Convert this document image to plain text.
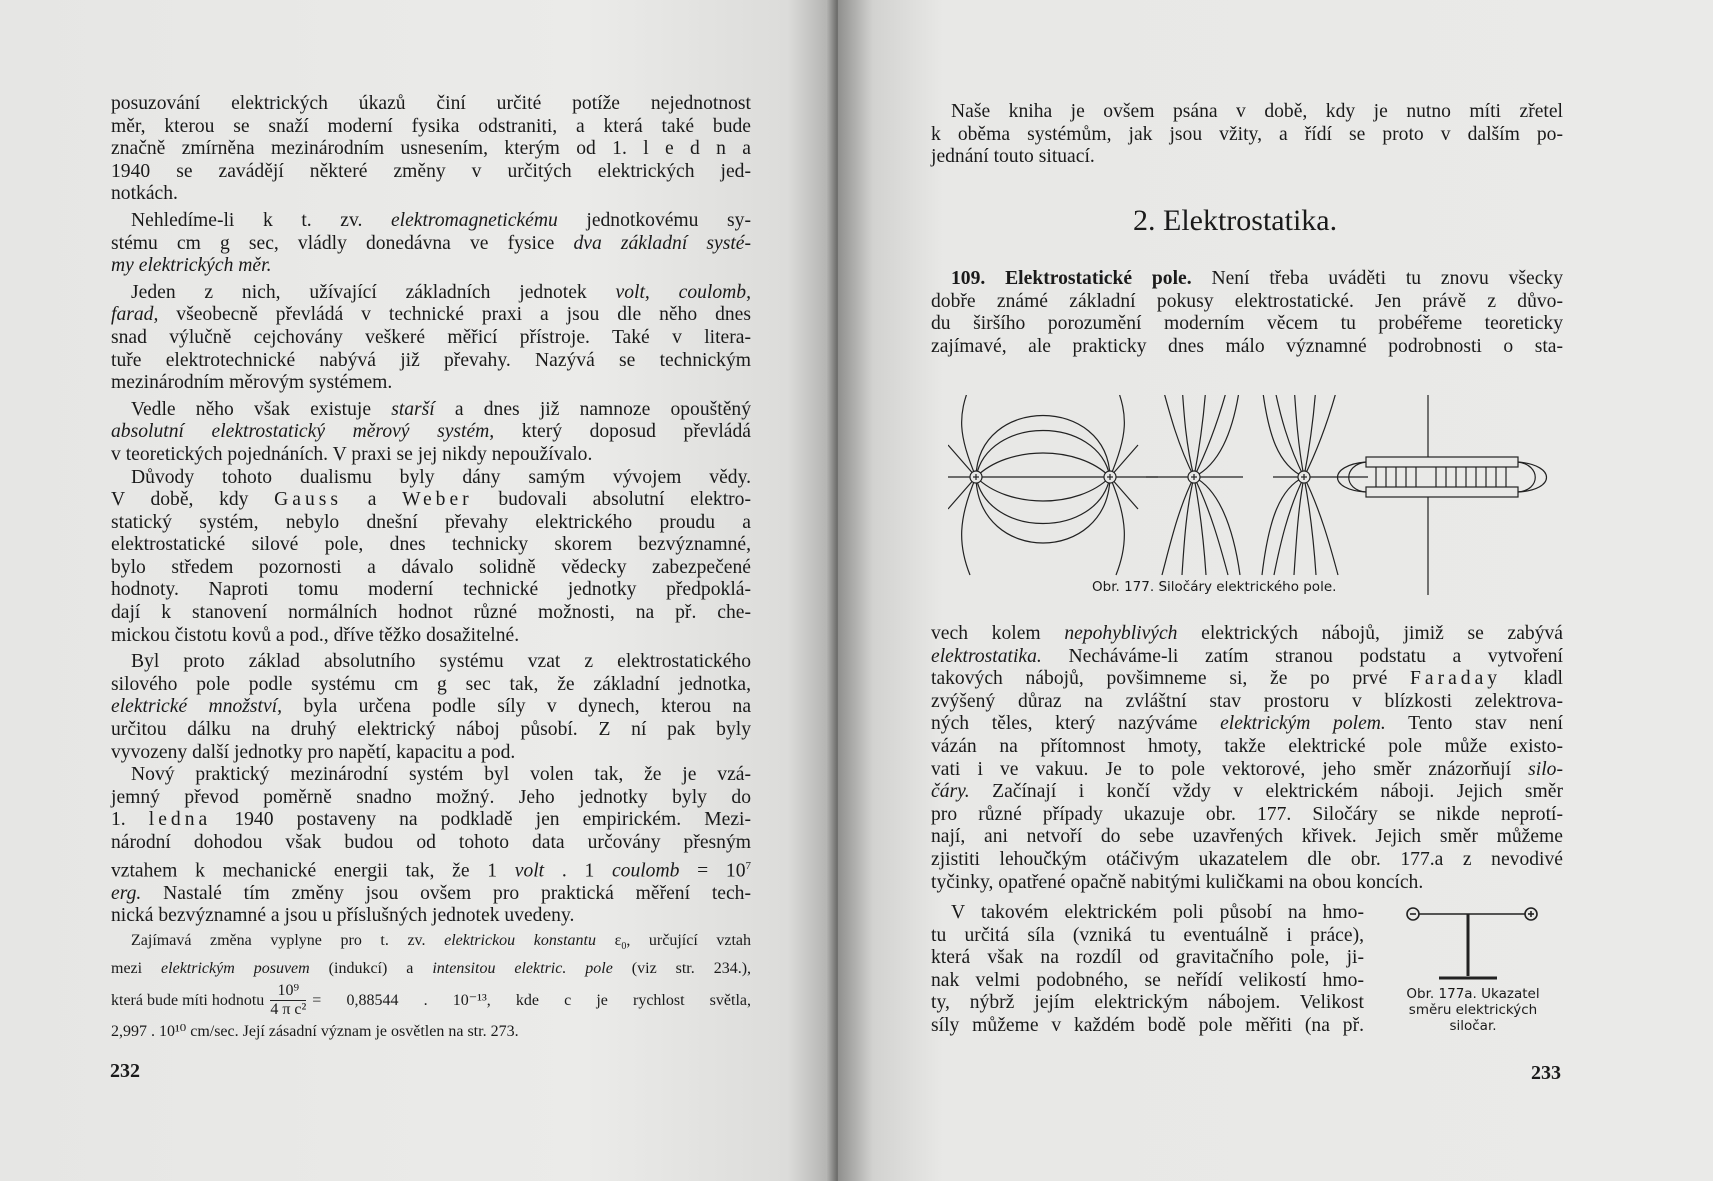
posuzování elektrických úkazů činí určité potíže nejednotnost
měr, kterou se snaží moderní fysika odstraniti, a která také bude
značně zmírněna mezinárodním usnesením, kterým od 1. l e d n a
1940 se zavádějí některé změny v určitých elektrických jed-
notkách.
Nehledíme-li k t. zv. elektromagnetickému jednotkovému sy-
stému cm g sec, vládly donedávna ve fysice dva základní systé-
my elektrických měr.
Jeden z nich, užívající základních jednotek volt, coulomb,
farad, všeobecně převládá v technické praxi a jsou dle něho dnes
snad výlučně cejchovány veškeré měřicí přístroje. Také v litera-
tuře elektrotechnické nabývá již převahy. Nazývá se technickým
mezinárodním měrovým systémem.
Vedle něho však existuje starší a dnes již namnoze opouštěný
absolutní elektrostatický měrový systém, který doposud převládá
v teoretických pojednáních. V praxi se jej nikdy nepoužívalo.
Důvody tohoto dualismu byly dány samým vývojem vědy.
V době, kdy Gauss a Weber budovali absolutní elektro-
statický systém, nebylo dnešní převahy elektrického proudu a
elektrostatické silové pole, dnes technicky skorem bezvýznamné,
bylo středem pozornosti a dávalo solidně vědecky zabezpečené
hodnoty. Naproti tomu moderní technické jednotky předpoklá-
dají k stanovení normálních hodnot různé možnosti, na př. che-
mickou čistotu kovů a pod., dříve těžko dosažitelné.
Byl proto základ absolutního systému vzat z elektrostatického
silového pole podle systému cm g sec tak, že základní jednotka,
elektrické množství, byla určena podle síly v dynech, kterou na
určitou dálku na druhý elektrický náboj působí. Z ní pak byly
vyvozeny další jednotky pro napětí, kapacitu a pod.
Nový praktický mezinárodní systém byl volen tak, že je vzá-
jemný převod poměrně snadno možný. Jeho jednotky byly do
1. ledna 1940 postaveny na podkladě jen empirickém. Mezi-
národní dohodou však budou od tohoto data určovány přesným
vztahem k mechanické energii tak, že 1 volt . 1 coulomb = $10^7$
erg. Nastalé tím změny jsou ovšem pro praktická měření tech-
nická bezvýznamné a jsou u příslušných jednotek uvedeny.
Zajímavá změna vyplyne pro t. zv. elektrickou konstantu $\varepsilon_0$, určující vztah
mezi elektrickým posuvem (indukcí) a intensitou elektric. pole (viz str. 234.),
která bude míti hodnotu $\frac{\text{10⁹}}{\text{4 π c²}} = 0,88544$ . 10⁻¹³, kde c je rychlost světla,
2,997 . 10¹⁰ cm/sec. Její zásadní význam je osvětlen na str. 273.
232
Naše kniha je ovšem psána v době, kdy je nutno míti zřetel
k oběma systémům, jak jsou vžity, a řídí se proto v dalším po-
jednání touto situací.
2. Elektrostatika.
109. Elektrostatické pole. Není třeba uváděti tu znovu všecky
dobře známé základní pokusy elektrostatické. Jen právě z důvo-
du širšího porozumění moderním věcem tu probéřeme teoreticky
zajímavé, ale prakticky dnes málo významné podrobnosti o sta-
Obr. 177. Siločáry elektrického pole.
vech kolem nepohyblivých elektrických nábojů, jimiž se zabývá
elektrostatika. Necháváme-li zatím stranou podstatu a vytvoření
takových nábojů, povšimneme si, že po prvé Faraday kladl
zvýšený důraz na zvláštní stav prostoru v blízkosti zelektrova-
ných těles, který nazýváme elektrickým polem. Tento stav není
vázán na přítomnost hmoty, takže elektrické pole může existo-
vati i ve vakuu. Je to pole vektorové, jeho směr znázorňují silo-
čáry. Začínají i končí vždy v elektrickém náboji. Jejich směr
pro různé případy ukazuje obr. 177. Siločáry se nikde neprotí-
nají, ani netvoří do sebe uzavřených křivek. Jejich směr můžeme
zjistiti lehoučkým otáčivým ukazatelem dle obr. 177.a z nevodivé
tyčinky, opatřené opačně nabitými kuličkami na obou koncích.
V takovém elektrickém poli působí na hmo-
tu určitá síla (vzniká tu eventuálně i práce),
která však na rozdíl od gravitačního pole, ji-
nak velmi podobného, se neřídí velikostí hmo-
ty, nýbrž jejím elektrickým nábojem. Velikost
síly můžeme v každém bodě pole měřiti (na př.
Obr. 177a. Ukazatel
směru elektrických
siločar.
233
